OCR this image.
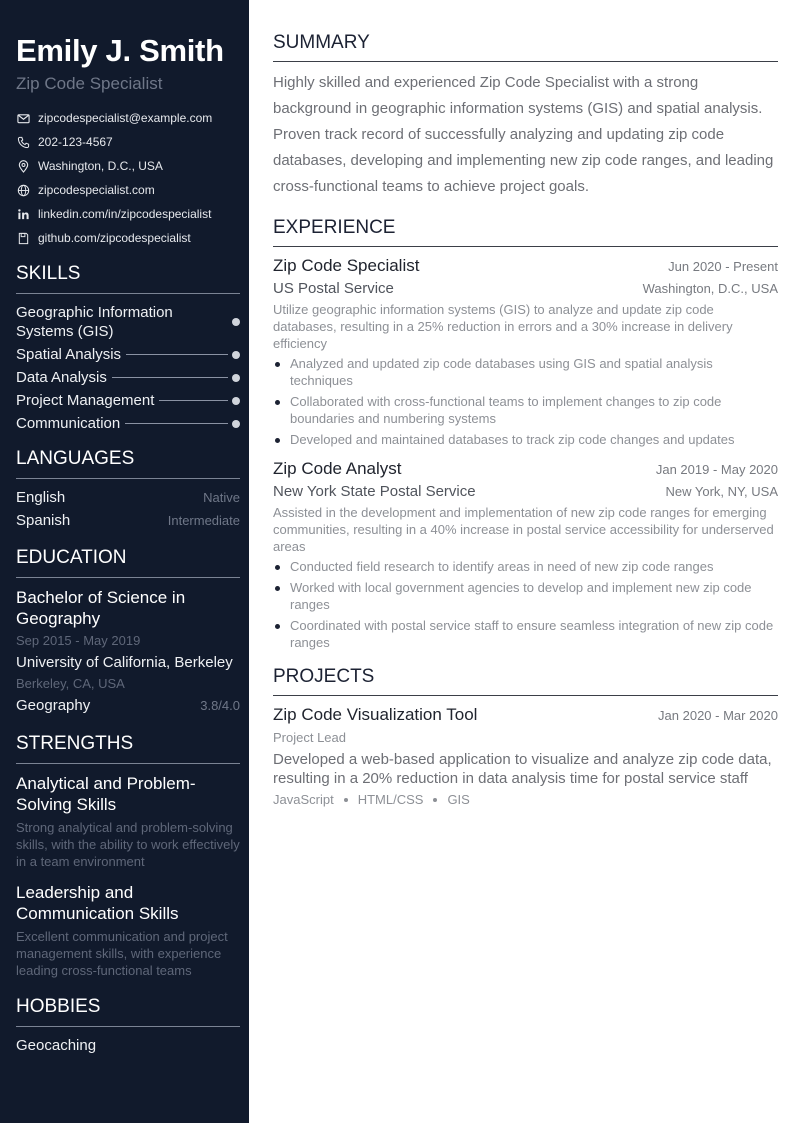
Emily J. Smith
Zip Code Specialist
zipcodespecialist@example.com
202-123-4567
Washington, D.C., USA
zipcodespecialist.com
linkedin.com/in/zipcodespecialist
github.com/zipcodespecialist
SKILLS
Geographic Information Systems (GIS)
Spatial Analysis
Data Analysis
Project Management
Communication
LANGUAGES
English	Native
Spanish	Intermediate
EDUCATION
Bachelor of Science in Geography
Sep 2015 - May 2019
University of California, Berkeley
Berkeley, CA, USA
Geography	3.8/4.0
STRENGTHS
Analytical and Problem-Solving Skills
Strong analytical and problem-solving skills, with the ability to work effectively in a team environment
Leadership and Communication Skills
Excellent communication and project management skills, with experience leading cross-functional teams
HOBBIES
Geocaching
SUMMARY
Highly skilled and experienced Zip Code Specialist with a strong background in geographic information systems (GIS) and spatial analysis. Proven track record of successfully analyzing and updating zip code databases, developing and implementing new zip code ranges, and leading cross-functional teams to achieve project goals.
EXPERIENCE
Zip Code Specialist	Jun 2020 - Present
US Postal Service	Washington, D.C., USA
Utilize geographic information systems (GIS) to analyze and update zip code databases, resulting in a 25% reduction in errors and a 30% increase in delivery efficiency
Analyzed and updated zip code databases using GIS and spatial analysis techniques
Collaborated with cross-functional teams to implement changes to zip code boundaries and numbering systems
Developed and maintained databases to track zip code changes and updates
Zip Code Analyst	Jan 2019 - May 2020
New York State Postal Service	New York, NY, USA
Assisted in the development and implementation of new zip code ranges for emerging communities, resulting in a 40% increase in postal service accessibility for underserved areas
Conducted field research to identify areas in need of new zip code ranges
Worked with local government agencies to develop and implement new zip code ranges
Coordinated with postal service staff to ensure seamless integration of new zip code ranges
PROJECTS
Zip Code Visualization Tool	Jan 2020 - Mar 2020
Project Lead
Developed a web-based application to visualize and analyze zip code data, resulting in a 20% reduction in data analysis time for postal service staff
JavaScript HTML/CSS GIS
